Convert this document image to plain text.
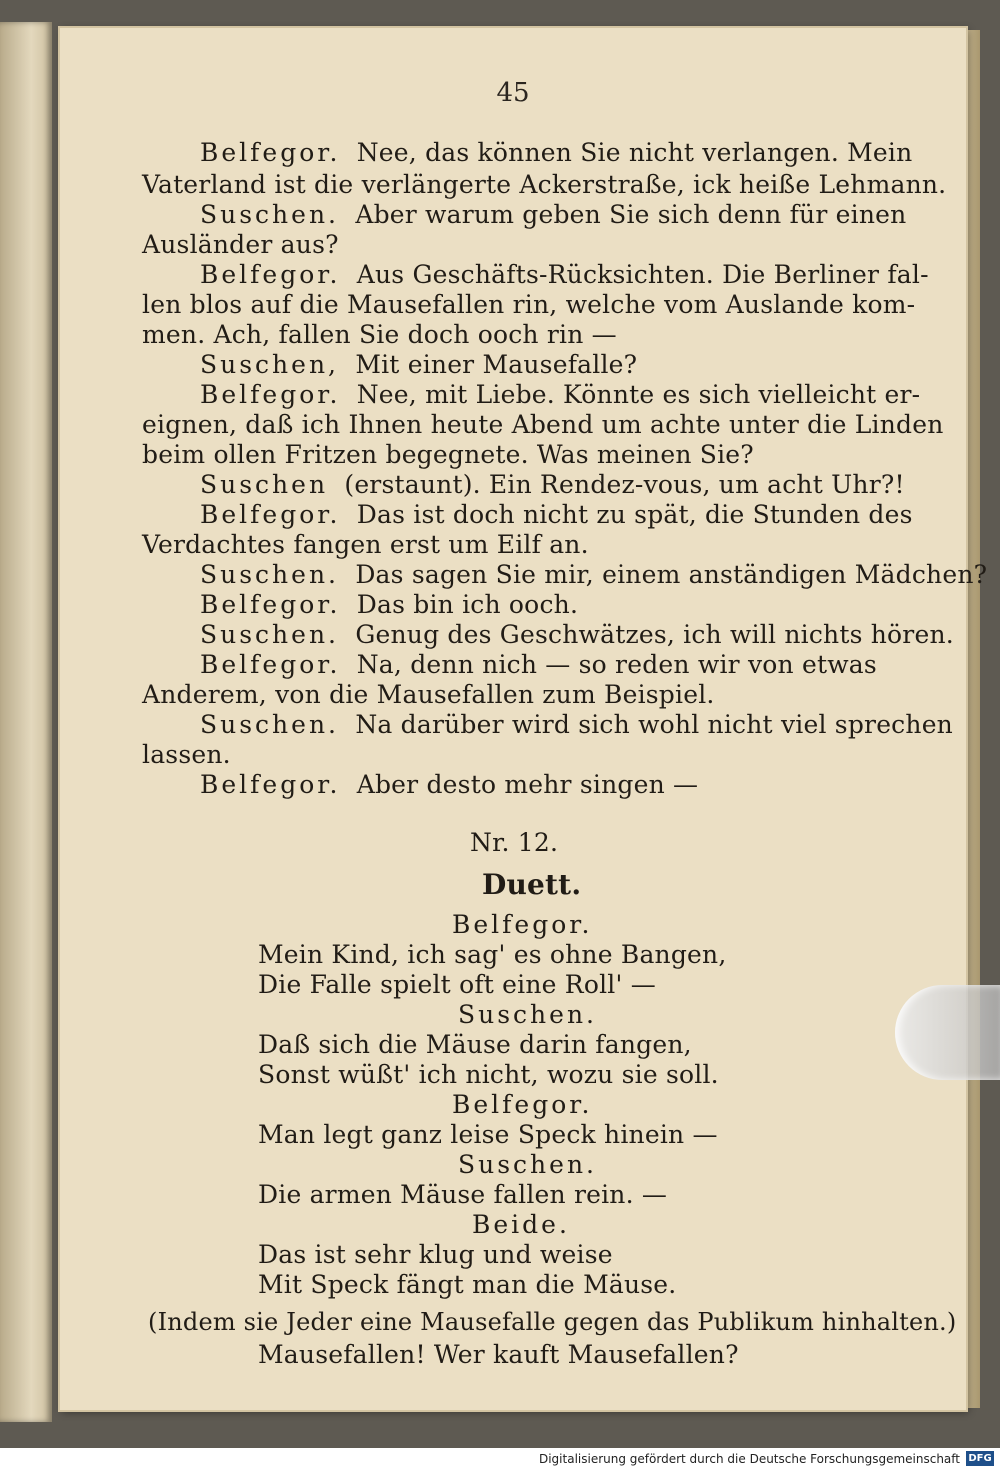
45
Belfegor. Nee, das können Sie nicht verlangen. Mein
Vaterland ist die verlängerte Ackerstraße, ick heiße Lehmann.
Suschen. Aber warum geben Sie sich denn für einen
Ausländer aus?
Belfegor. Aus Geschäfts-Rücksichten. Die Berliner fal-
len blos auf die Mausefallen rin, welche vom Auslande kom-
men. Ach, fallen Sie doch ooch rin —
Suschen, Mit einer Mausefalle?
Belfegor. Nee, mit Liebe. Könnte es sich vielleicht er-
eignen, daß ich Ihnen heute Abend um achte unter die Linden
beim ollen Fritzen begegnete. Was meinen Sie?
Suschen (erstaunt). Ein Rendez-vous, um acht Uhr?!
Belfegor. Das ist doch nicht zu spät, die Stunden des
Verdachtes fangen erst um Eilf an.
Suschen. Das sagen Sie mir, einem anständigen Mädchen?
Belfegor. Das bin ich ooch.
Suschen. Genug des Geschwätzes, ich will nichts hören.
Belfegor. Na, denn nich — so reden wir von etwas
Anderem, von die Mausefallen zum Beispiel.
Suschen. Na darüber wird sich wohl nicht viel sprechen
lassen.
Belfegor. Aber desto mehr singen —
Nr. 12.
Duett.
Belfegor.
Mein Kind, ich sag' es ohne Bangen,
Die Falle spielt oft eine Roll' —
Suschen.
Daß sich die Mäuse darin fangen,
Sonst wüßt' ich nicht, wozu sie soll.
Belfegor.
Man legt ganz leise Speck hinein —
Suschen.
Die armen Mäuse fallen rein. —
Beide.
Das ist sehr klug und weise
Mit Speck fängt man die Mäuse.
(Indem sie Jeder eine Mausefalle gegen das Publikum hinhalten.)
Mausefallen! Wer kauft Mausefallen?
Digitalisierung gefördert durch die Deutsche Forschungsgemeinschaft DFG
